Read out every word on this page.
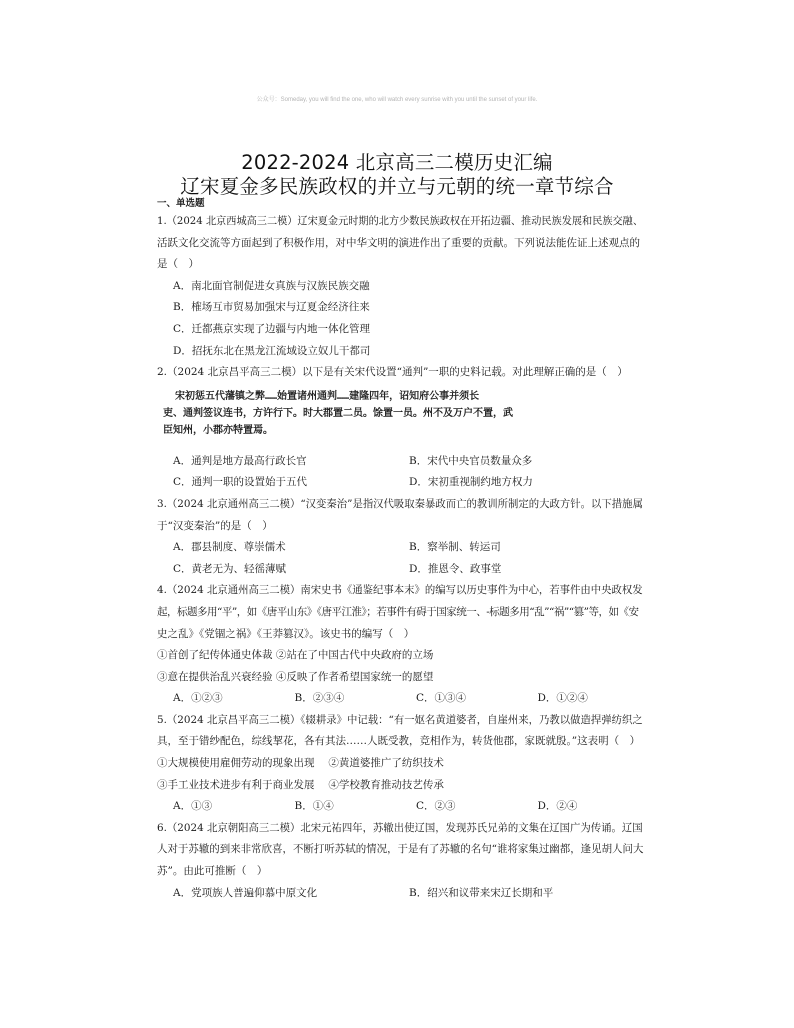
公众号：Someday, you will find the one, who will watch every sunrise with you until the sunset of your life.
2022-2024 北京高三二模历史汇编
辽宋夏金多民族政权的并立与元朝的统一章节综合
一、单选题
1.（2024 北京西城高三二模）辽宋夏金元时期的北方少数民族政权在开拓边疆、推动民族发展和民族交融、
活跃文化交流等方面起到了积极作用，对中华文明的演进作出了重要的贡献。下列说法能佐证上述观点的
是（　）
A．南北面官制促进女真族与汉族民族交融
B．榷场互市贸易加强宋与辽夏金经济往来
C．迁都燕京实现了边疆与内地一体化管理
D．招抚东北在黑龙江流域设立奴儿干都司
2.（2024 北京昌平高三二模）以下是有关宋代设置“通判”一职的史料记载。对此理解正确的是（　）
宋初惩五代藩镇之弊……始置诸州通判……建隆四年，诏知府公事并须长
吏、通判签议连书，方许行下。时大郡置二员。馀置一员。州不及万户不置，武
臣知州，小郡亦特置焉。
A．通判是地方最高行政长官	B．宋代中央官员数量众多
C．通判一职的设置始于五代	D．宋初重视制约地方权力
3.（2024 北京通州高三二模）“汉变秦治”是指汉代吸取秦暴政而亡的教训所制定的大政方针。以下措施属
于“汉变秦治”的是（　）
A．郡县制度、尊崇儒术	B．察举制、转运司
C．黄老无为、轻徭薄赋	D．推恩令、政事堂
4.（2024 北京通州高三二模）南宋史书《通鉴纪事本末》的编写以历史事件为中心，若事件由中央政权发
起，标题多用“平”，如《唐平山东》《唐平江淮》；若事件有碍于国家统一、-标题多用“乱”“祸”“篡”等，如《安
史之乱》《党锢之祸》《王莽篡汉》。该史书的编写（　）
①首创了纪传体通史体裁 ②站在了中国古代中央政府的立场
③意在提供治乱兴衰经验 ④反映了作者希望国家统一的愿望
A．①②③	B．②③④	C．①③④	D．①②④
5.（2024 北京昌平高三二模）《辍耕录》中记载：“有一妪名黄道婆者，自崖州来，乃教以做造捍弹纺织之
具，至于错纱配色，综线挈花，各有其法……人既受教，竞相作为，转货他郡，家既就殷。”这表明（　）
①大规模使用雇佣劳动的现象出现　 ②黄道婆推广了纺织技术
③手工业技术进步有利于商业发展　 ④学校教育推动技艺传承
A．①③	B．①④	C．②③	D．②④
6.（2024 北京朝阳高三二模）北宋元祐四年，苏辙出使辽国，发现苏氏兄弟的文集在辽国广为传诵。辽国
人对于苏辙的到来非常欣喜，不断打听苏轼的情况，于是有了苏辙的名句“谁将家集过幽都，逢见胡人问大
苏”。由此可推断（　）
A．党项族人普遍仰慕中原文化	B．绍兴和议带来宋辽长期和平
